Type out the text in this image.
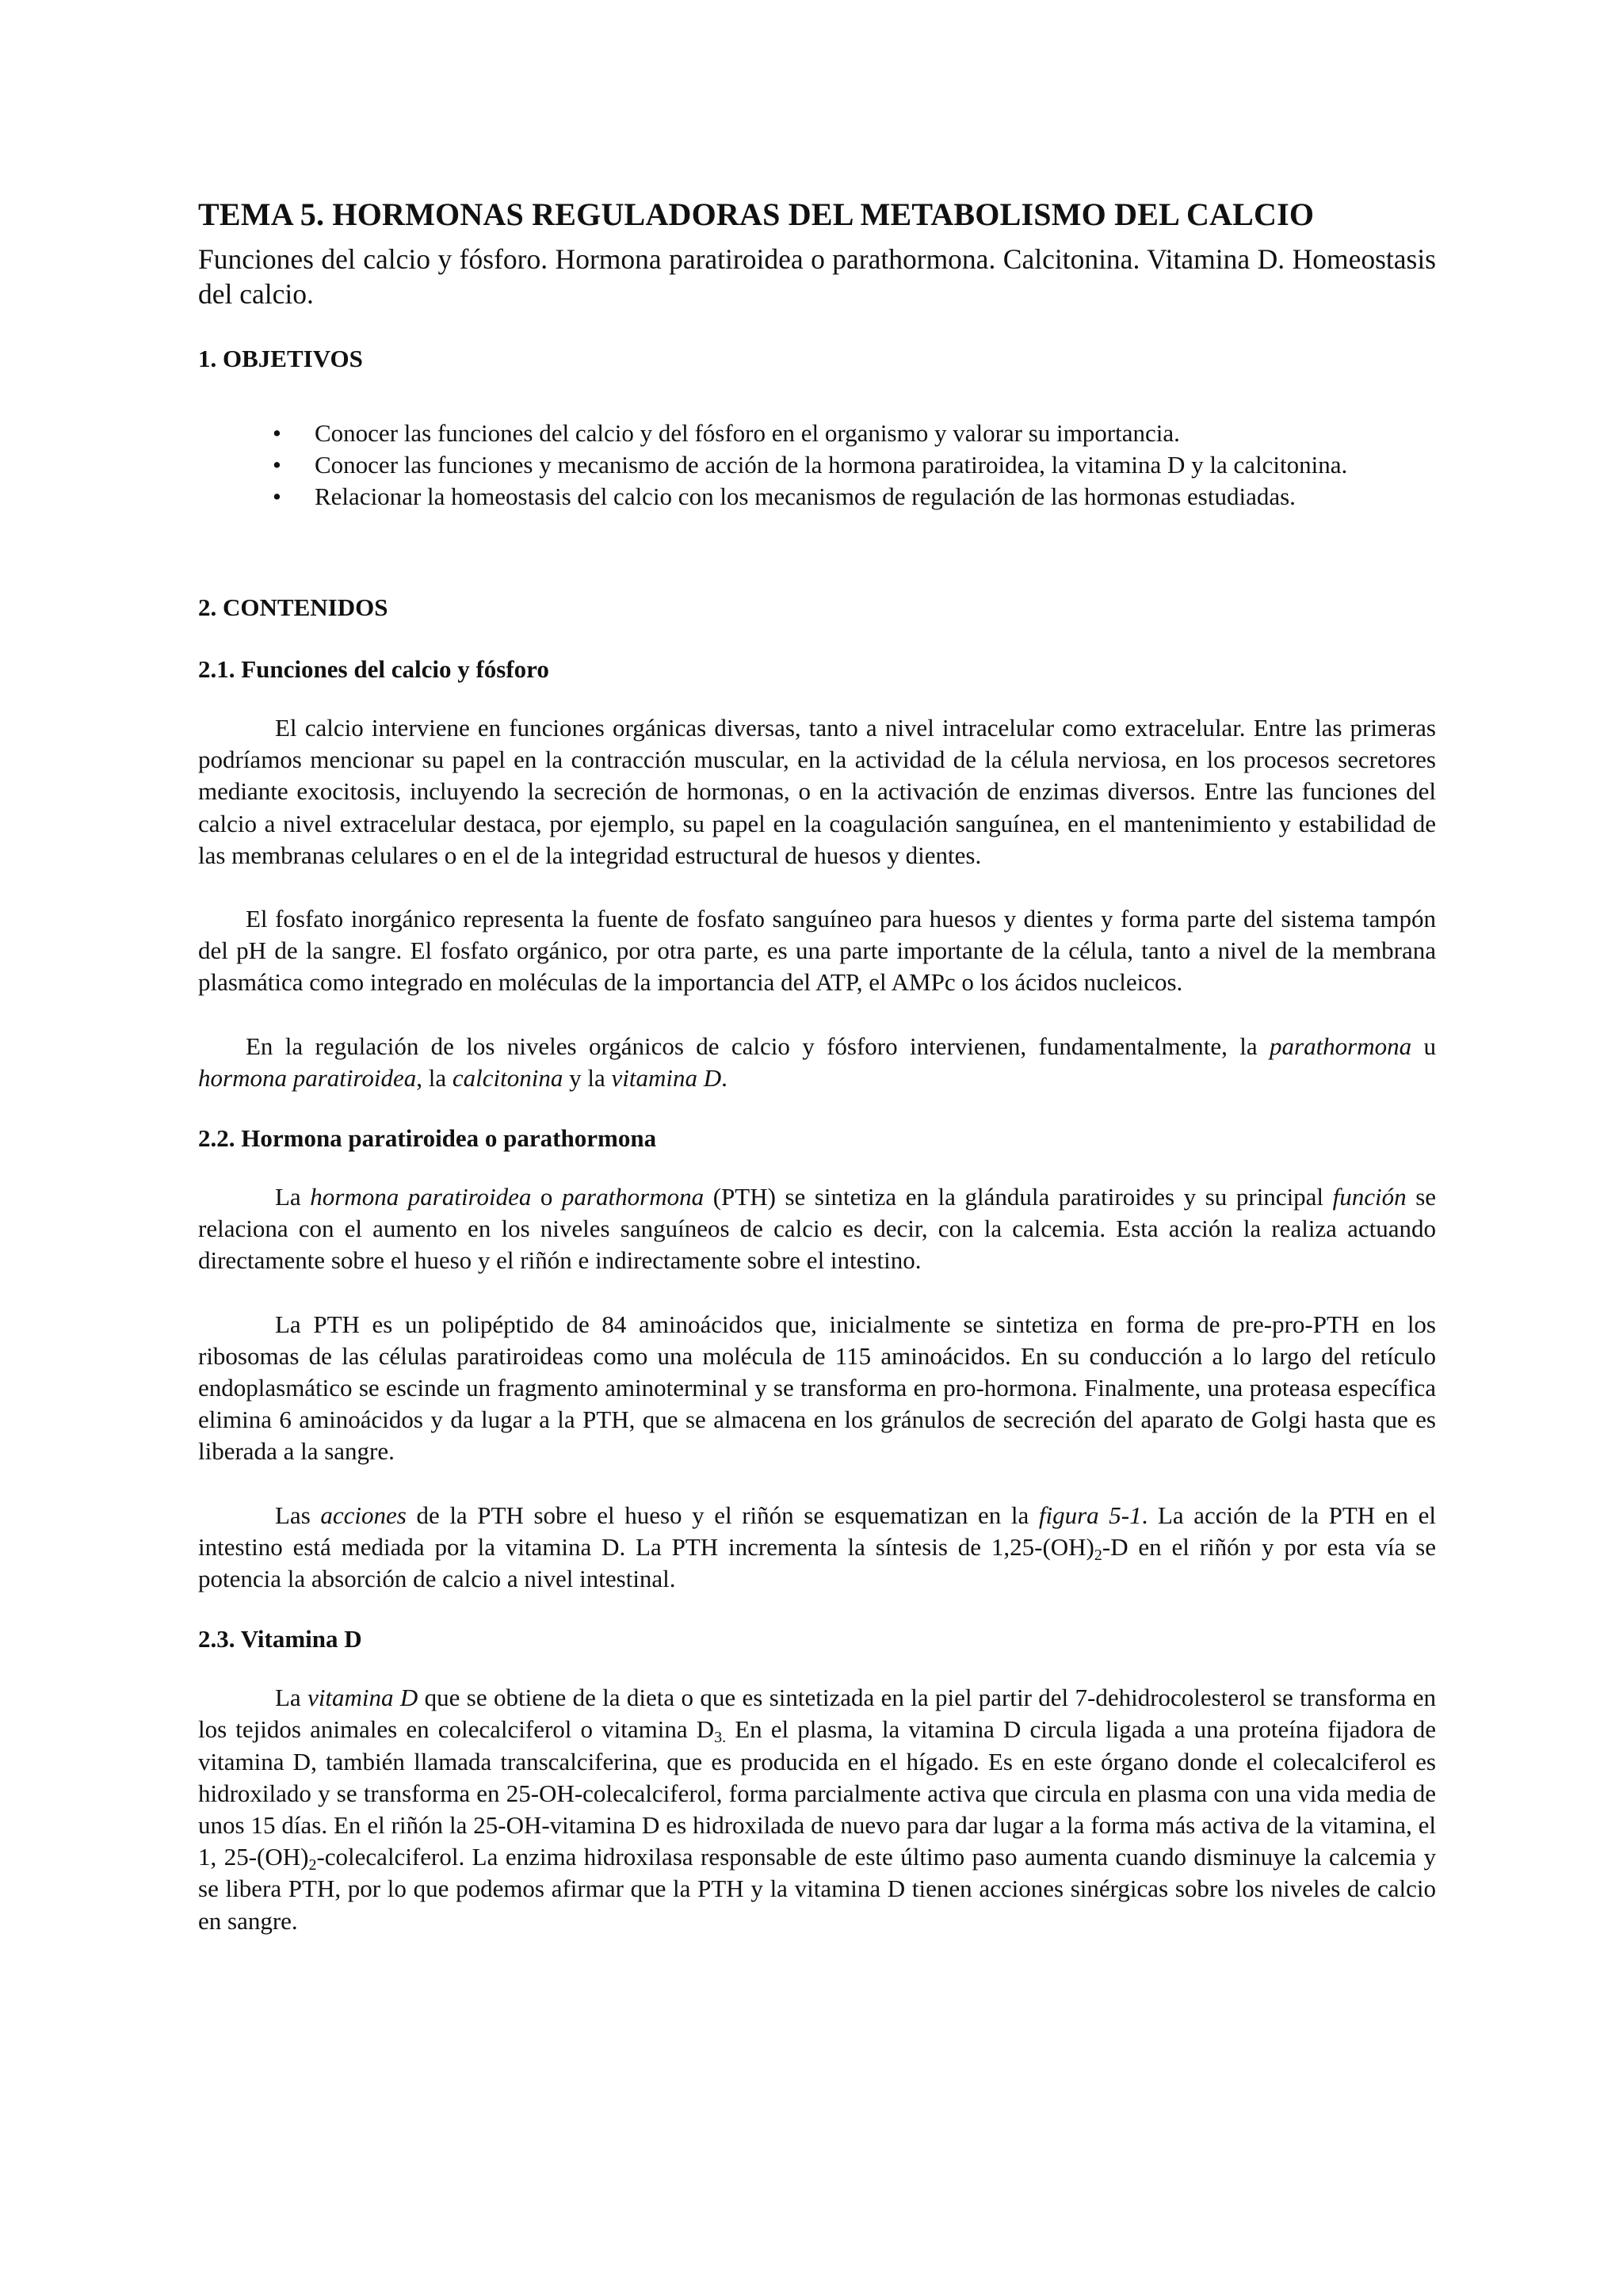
TEMA 5. HORMONAS REGULADORAS DEL METABOLISMO DEL CALCIO

Funciones del calcio y fósforo. Hormona paratiroidea o parathormona. Calcitonina. Vitamina D. Homeostasis del calcio.

1. OBJETIVOS
• Conocer las funciones del calcio y del fósforo en el organismo y valorar su importancia.
• Conocer las funciones y mecanismo de acción de la hormona paratiroidea, la vitamina D y la calcitonina.
• Relacionar la homeostasis del calcio con los mecanismos de regulación de las hormonas estudiadas.
2. CONTENIDOS
2.1. Funciones del calcio y fósforo

El calcio interviene en funciones orgánicas diversas, tanto a nivel intracelular como extracelular. Entre las primeras podríamos mencionar su papel en la contracción muscular, en la actividad de la célula nerviosa, en los procesos secretores mediante exocitosis, incluyendo la secreción de hormonas, o en la activación de enzimas diversos. Entre las funciones del calcio a nivel extracelular destaca, por ejemplo, su papel en la coagulación sanguínea, en el mantenimiento y estabilidad de las membranas celulares o en el de la integridad estructural de huesos y dientes.

El fosfato inorgánico representa la fuente de fosfato sanguíneo para huesos y dientes y forma parte del sistema tampón del pH de la sangre. El fosfato orgánico, por otra parte, es una parte importante de la célula, tanto a nivel de la membrana plasmática como integrado en moléculas de la importancia del ATP, el AMPc o los ácidos nucleicos.

En la regulación de los niveles orgánicos de calcio y fósforo intervienen, fundamentalmente, la parathormona u hormona paratiroidea, la calcitonina y la vitamina D.

2.2. Hormona paratiroidea o parathormona

La hormona paratiroidea o parathormona (PTH) se sintetiza en la glándula paratiroides y su principal función se relaciona con el aumento en los niveles sanguíneos de calcio es decir, con la calcemia. Esta acción la realiza actuando directamente sobre el hueso y el riñón e indirectamente sobre el intestino.

La PTH es un polipéptido de 84 aminoácidos que, inicialmente se sintetiza en forma de pre-pro-PTH en los ribosomas de las células paratiroideas como una molécula de 115 aminoácidos. En su conducción a lo largo del retículo endoplasmático se escinde un fragmento aminoterminal y se transforma en pro-hormona. Finalmente, una proteasa específica elimina 6 aminoácidos y da lugar a la PTH, que se almacena en los gránulos de secreción del aparato de Golgi hasta que es liberada a la sangre.

Las acciones de la PTH sobre el hueso y el riñón se esquematizan en la figura 5-1. La acción de la PTH en el intestino está mediada por la vitamina D. La PTH incrementa la síntesis de $1,25-(OH)_2-D$ en el riñón y por esta vía se potencia la absorción de calcio a nivel intestinal.

2.3. Vitamina D

La vitamina D que se obtiene de la dieta o que es sintetizada en la piel partir del 7-dehidrocolesterol se transforma en los tejidos animales en colecalciferol o vitamina $D_{3.}$ En el plasma, la vitamina D circula ligada a una proteína fijadora de vitamina D, también llamada transcalciferina, que es producida en el hígado. Es en este órgano donde el colecalciferol es hidroxilado y se transforma en 25-OH-colecalciferol, forma parcialmente activa que circula en plasma con una vida media de unos 15 días. En el riñón la 25-OH-vitamina D es hidroxilada de nuevo para dar lugar a la forma más activa de la vitamina, el 1, $25-(OH)_2$-colecalciferol. La enzima hidroxilasa responsable de este último paso aumenta cuando disminuye la calcemia y se libera PTH, por lo que podemos afirmar que la PTH y la vitamina D tienen acciones sinérgicas sobre los niveles de calcio en sangre.
